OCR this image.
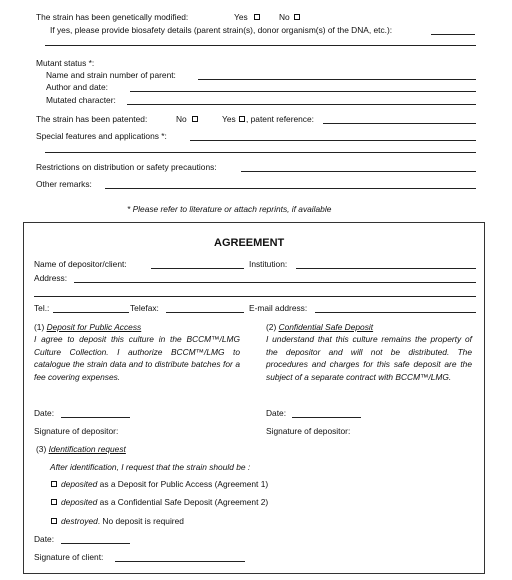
The strain has been genetically modified:	Yes	No
If yes, please provide biosafety details (parent strain(s), donor organism(s) of the DNA, etc.):
Mutant status *:
Name and strain number of parent:
Author and date:
Mutated character:
The strain has been patented:	No	Yes , patent reference:
Special features and applications *:
Restrictions on distribution or safety precautions:
Other remarks:
* Please refer to literature or attach reprints, if available
AGREEMENT
Name of depositor/client:	Institution:
Address:
Tel.:	Telefax:	E-mail address:
(1) Deposit for Public Access
I agree to deposit this culture in the BCCM™/LMG Culture Collection. I authorize BCCM™/LMG to catalogue the strain data and to distribute batches for a fee covering expenses.
Date:
Signature of depositor:
(2) Confidential Safe Deposit
I understand that this culture remains the property of the depositor and will not be distributed. The procedures and charges for this safe deposit are the subject of a separate contract with BCCM™/LMG.
Date:
Signature of depositor:
(3) Identification request
After identification, I request that the strain should be :
deposited as a Deposit for Public Access (Agreement 1)
deposited as a Confidential Safe Deposit (Agreement 2)
destroyed. No deposit is required
Date:
Signature of client:
